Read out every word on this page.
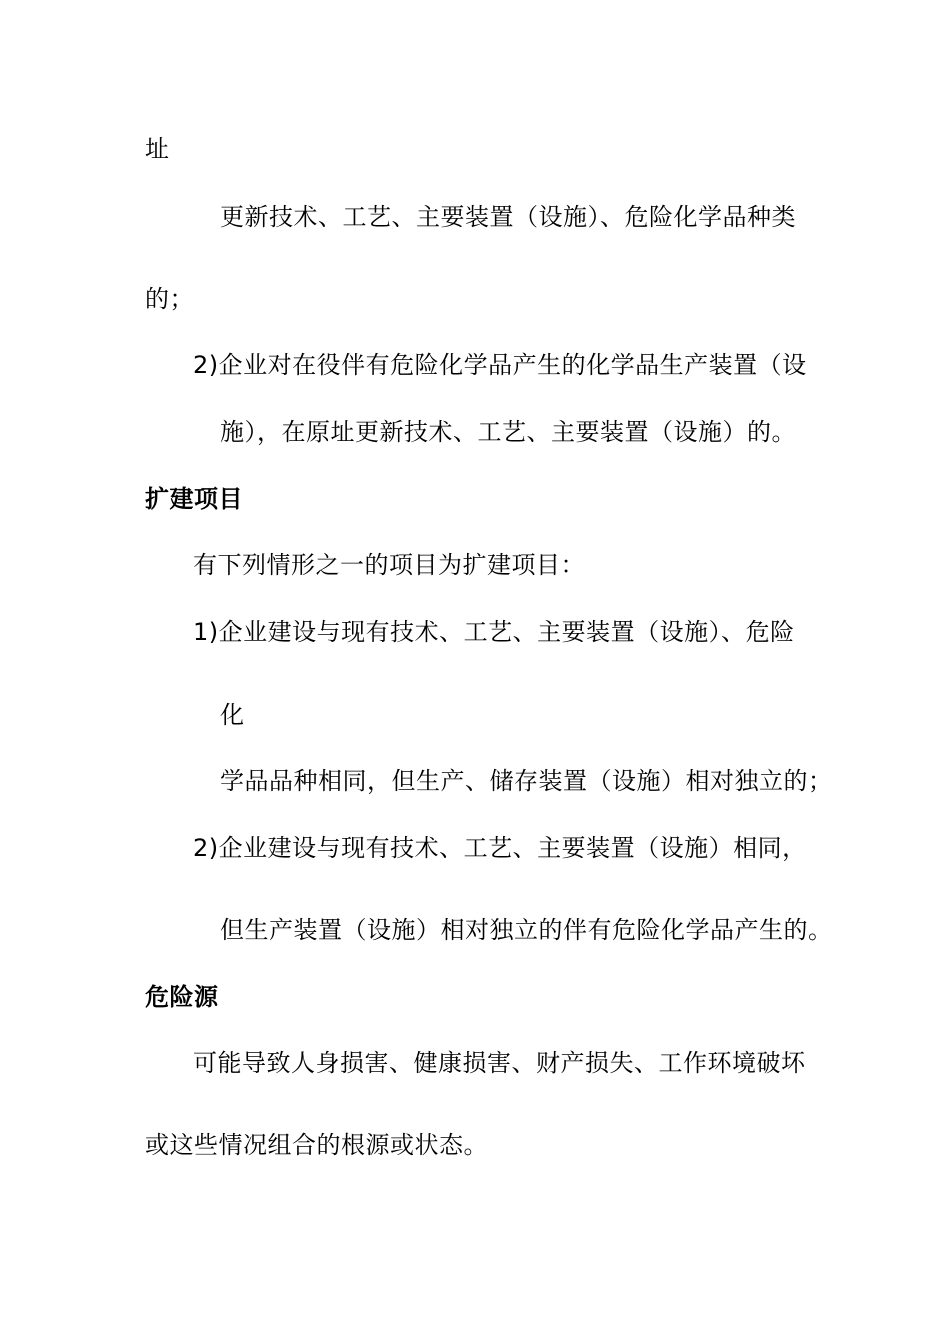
址
更新技术、工艺、主要装置（设施）、危险化学品种类
的；
2)企业对在役伴有危险化学品产生的化学品生产装置（设
施），在原址更新技术、工艺、主要装置（设施）的。
扩建项目
有下列情形之一的项目为扩建项目：
1)企业建设与现有技术、工艺、主要装置（设施）、危险
化
学品品种相同，但生产、储存装置（设施）相对独立的；
2)企业建设与现有技术、工艺、主要装置（设施）相同，
但生产装置（设施）相对独立的伴有危险化学品产生的。
危险源
可能导致人身损害、健康损害、财产损失、工作环境破坏
或这些情况组合的根源或状态。
